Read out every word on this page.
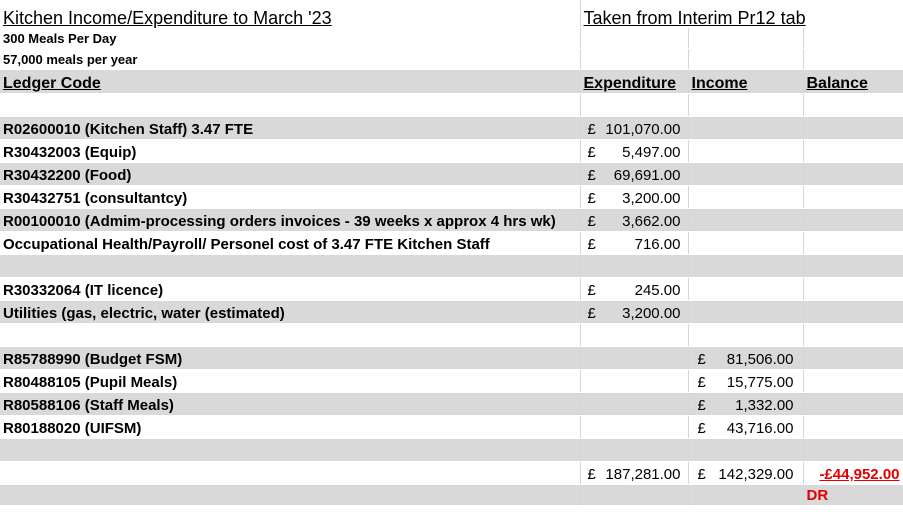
Kitchen Income/Expenditure to March '23	Taken from Interim Pr12 tab		
300 Meals Per Day			
57,000 meals per year			
Ledger Code	Expenditure	Income	Balance

R02600010 (Kitchen Staff) 3.47 FTE	£ 101,070.00		

R30432003 (Equip)	£ 5,497.00		

R30432200 (Food)	£ 69,691.00		

R30432751 (consultantcy)	£ 3,200.00		

R00100010 (Admim-processing orders invoices - 39 weeks x approx 4 hrs wk)	£ 3,662.00		

Occupational Health/Payroll/ Personel cost of 3.47 FTE Kitchen Staff	£ 716.00		

R30332064 (IT licence)	£ 245.00		

Utilities (gas, electric, water (estimated)	£ 3,200.00		

R85788990 (Budget FSM)		£ 81,506.00	

R80488105 (Pupil Meals)		£ 15,775.00	

R80588106 (Staff Meals)		£ 1,332.00	

R80188020 (UIFSM)		£ 43,716.00	

	£ 187,281.00	£ 142,329.00	-£44,952.00
			DR
